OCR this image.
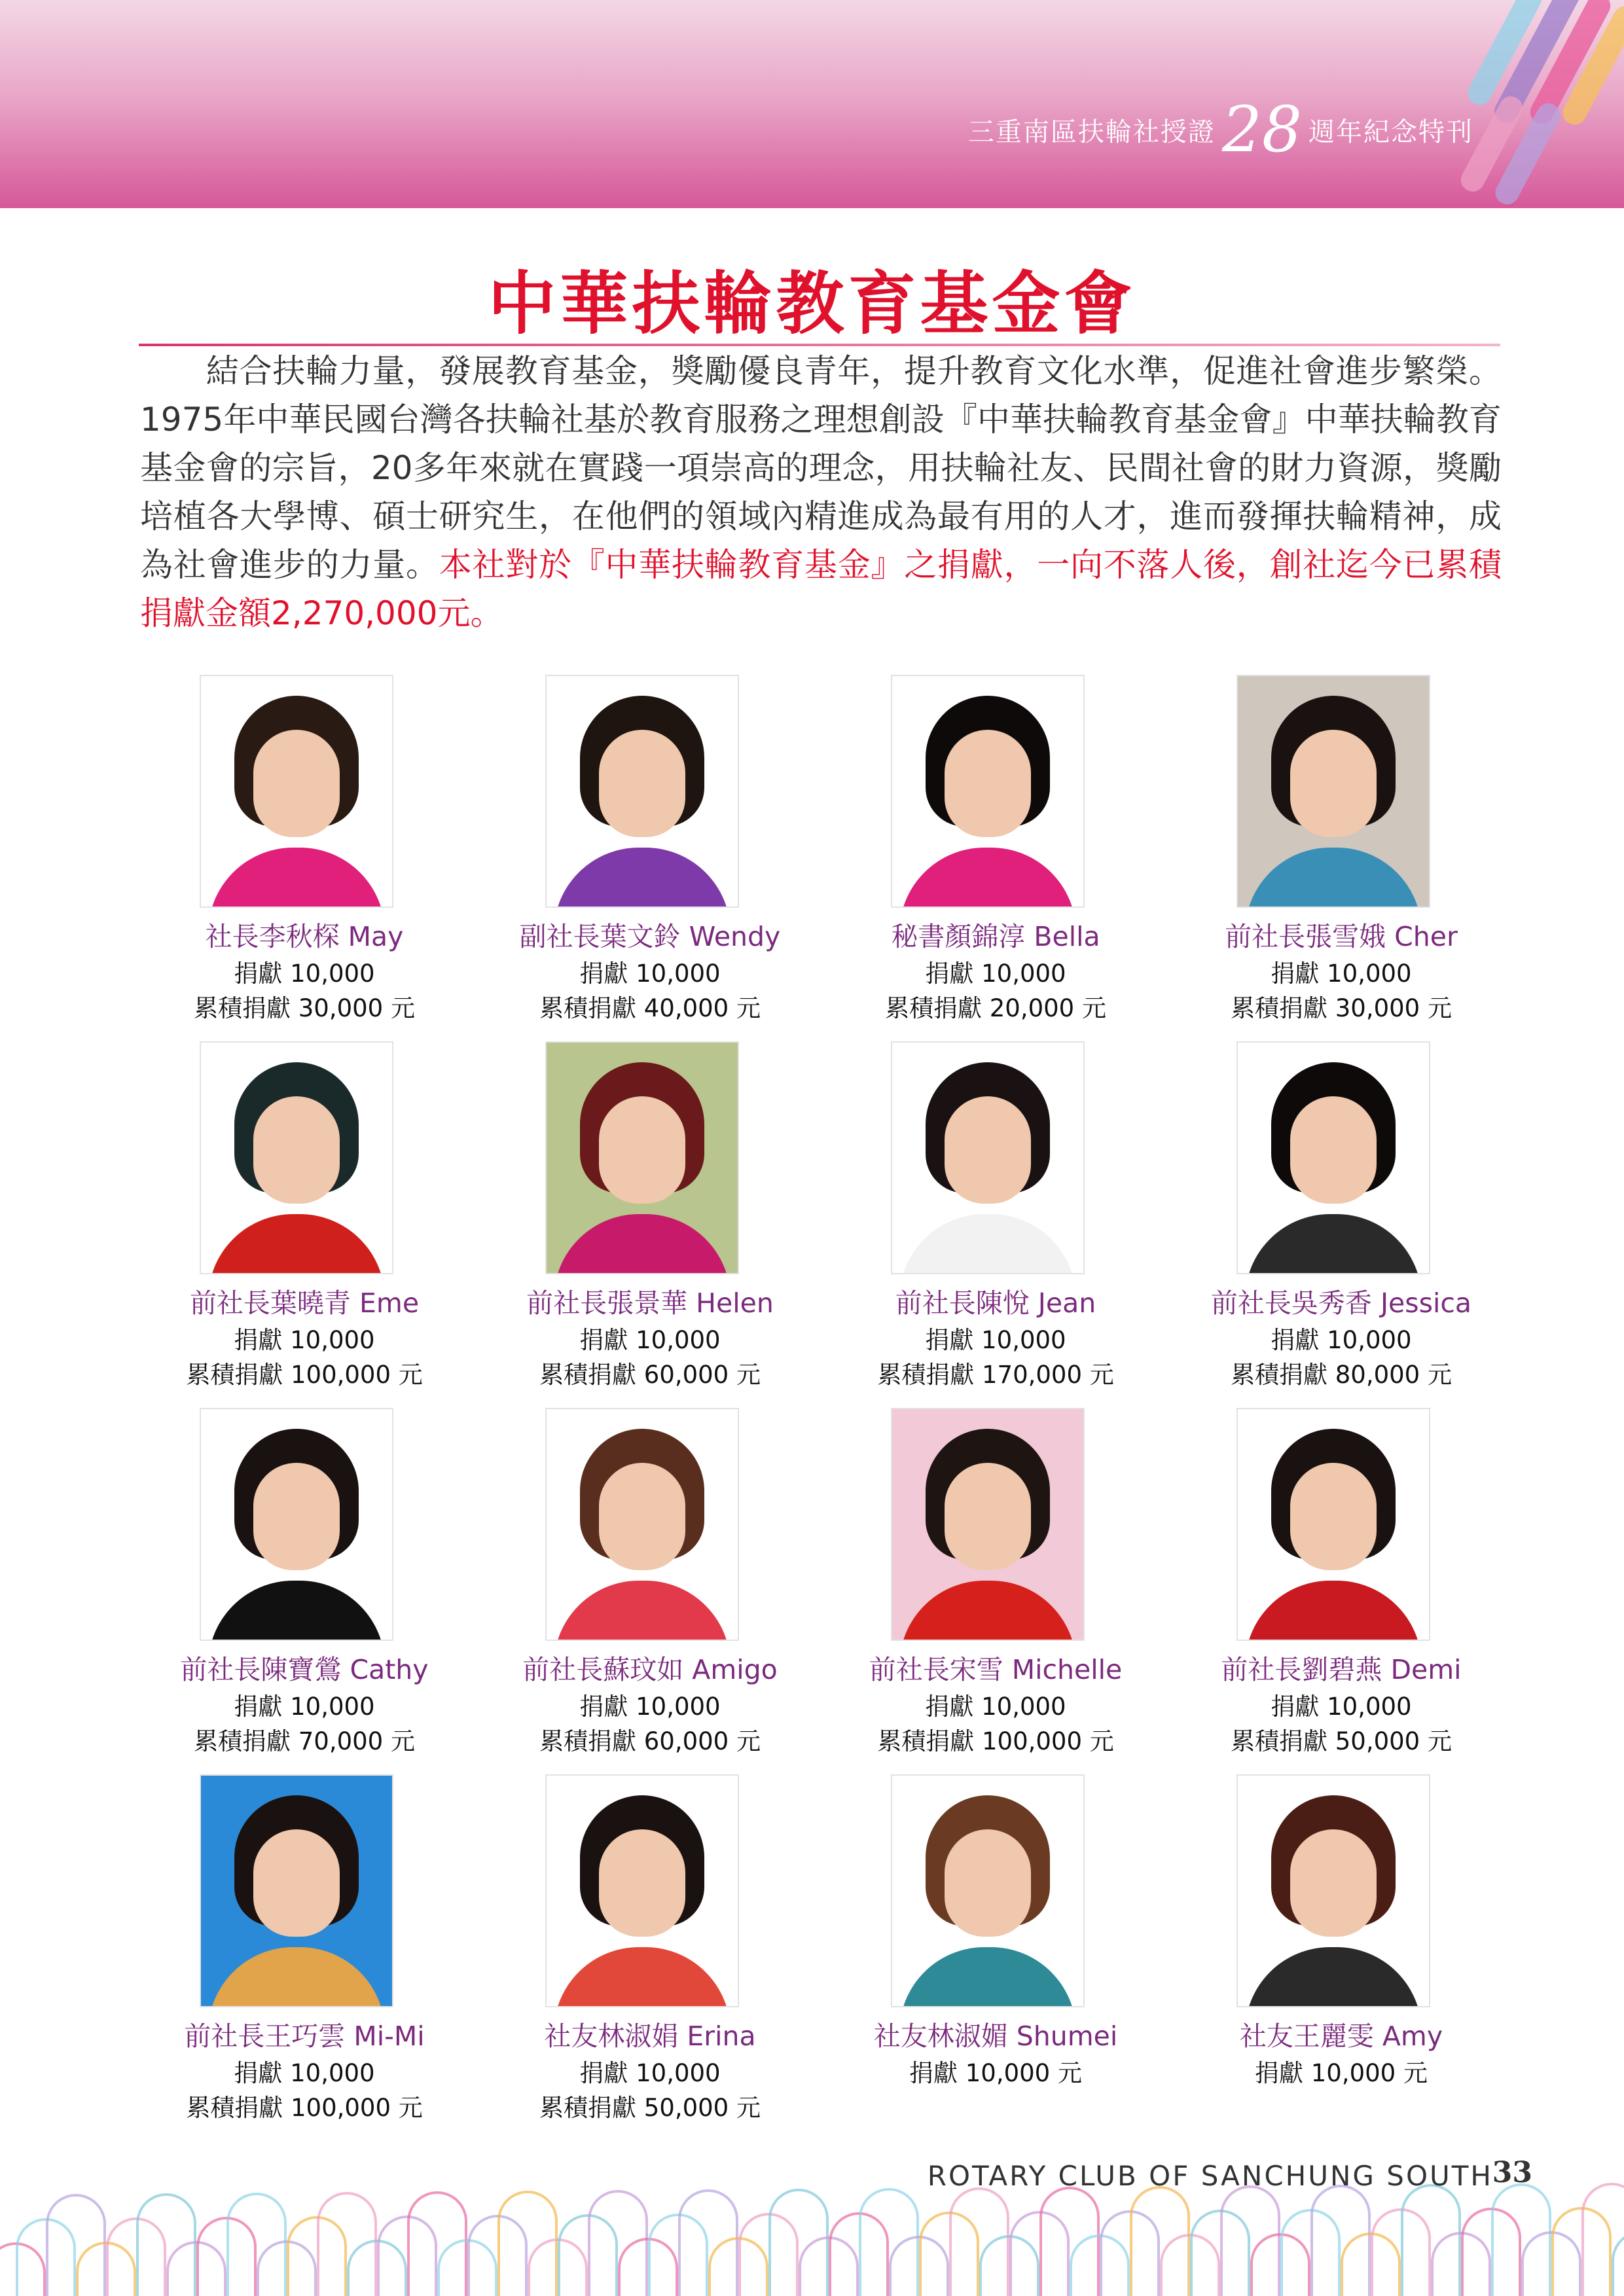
三重南區扶輪社授證 28 週年紀念特刊
中華扶輪教育基金會
結合扶輪力量，發展教育基金，獎勵優良青年，提升教育文化水準，促進社會進步繁榮。1975年中華民國台灣各扶輪社基於教育服務之理想創設『中華扶輪教育基金會』中華扶輪教育基金會的宗旨，20多年來就在實踐一項崇高的理念，用扶輪社友、民間社會的財力資源，獎勵培植各大學博、碩士研究生，在他們的領域內精進成為最有用的人才，進而發揮扶輪精神，成為社會進步的力量。本社對於『中華扶輪教育基金』之捐獻，一向不落人後，創社迄今已累積捐獻金額2,270,000元。
社長李秋棎 May
捐獻 10,000
累積捐獻 30,000 元
副社長葉文鈴 Wendy
捐獻 10,000
累積捐獻 40,000 元
秘書顏錦淳 Bella
捐獻 10,000
累積捐獻 20,000 元
前社長張雪娥 Cher
捐獻 10,000
累積捐獻 30,000 元
前社長葉曉青 Eme
捐獻 10,000
累積捐獻 100,000 元
前社長張景華 Helen
捐獻 10,000
累積捐獻 60,000 元
前社長陳悅 Jean
捐獻 10,000
累積捐獻 170,000 元
前社長吳秀香 Jessica
捐獻 10,000
累積捐獻 80,000 元
前社長陳寶鶯 Cathy
捐獻 10,000
累積捐獻 70,000 元
前社長蘇玟如 Amigo
捐獻 10,000
累積捐獻 60,000 元
前社長宋雪 Michelle
捐獻 10,000
累積捐獻 100,000 元
前社長劉碧燕 Demi
捐獻 10,000
累積捐獻 50,000 元
前社長王巧雲 Mi-Mi
捐獻 10,000
累積捐獻 100,000 元
社友林淑娟 Erina
捐獻 10,000
累積捐獻 50,000 元
社友林淑媚 Shumei
捐獻 10,000 元
社友王麗雯 Amy
捐獻 10,000 元
ROTARY CLUB OF SANCHUNG SOUTH
33
